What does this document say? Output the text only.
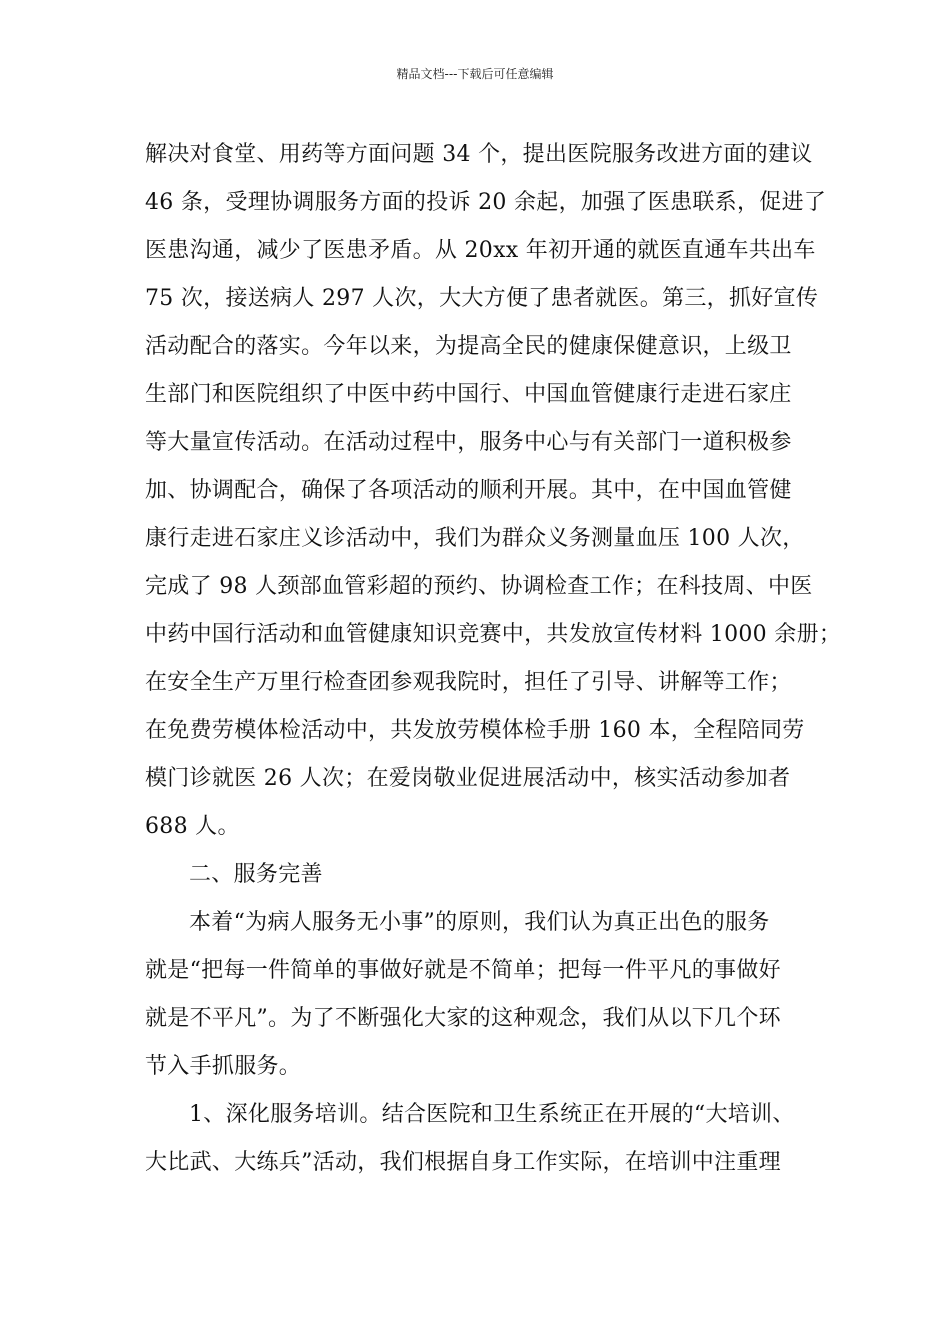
精品文档---下载后可任意编辑
解决对食堂、用药等方面问题 34 个，提出医院服务改进方面的建议
46 条，受理协调服务方面的投诉 20 余起，加强了医患联系，促进了
医患沟通，减少了医患矛盾。从 20xx 年初开通的就医直通车共出车
75 次，接送病人 297 人次，大大方便了患者就医。第三，抓好宣传
活动配合的落实。今年以来，为提高全民的健康保健意识，上级卫
生部门和医院组织了中医中药中国行、中国血管健康行走进石家庄
等大量宣传活动。在活动过程中，服务中心与有关部门一道积极参
加、协调配合，确保了各项活动的顺利开展。其中，在中国血管健
康行走进石家庄义诊活动中，我们为群众义务测量血压 100 人次，
完成了 98 人颈部血管彩超的预约、协调检查工作；在科技周、中医
中药中国行活动和血管健康知识竞赛中，共发放宣传材料 1000 余册；
在安全生产万里行检查团参观我院时，担任了引导、讲解等工作；
在免费劳模体检活动中，共发放劳模体检手册 160 本，全程陪同劳
模门诊就医 26 人次；在爱岗敬业促进展活动中，核实活动参加者
688 人。
二、服务完善
本着“为病人服务无小事”的原则，我们认为真正出色的服务
就是“把每一件简单的事做好就是不简单；把每一件平凡的事做好
就是不平凡”。为了不断强化大家的这种观念，我们从以下几个环
节入手抓服务。
1、深化服务培训。结合医院和卫生系统正在开展的“大培训、
大比武、大练兵”活动，我们根据自身工作实际，在培训中注重理
